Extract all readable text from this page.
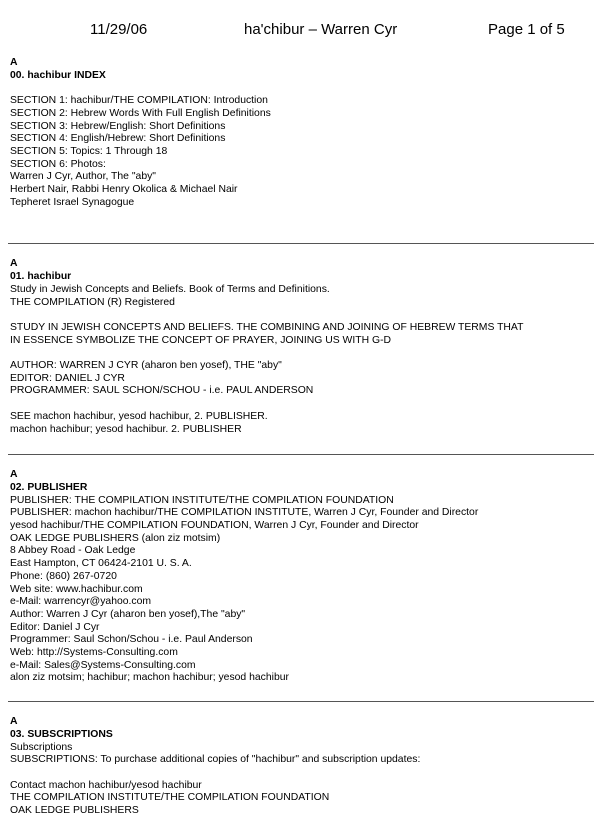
11/29/06	ha'chibur – Warren Cyr	Page 1 of 5
A
00. hachibur INDEX
SECTION 1: hachibur/THE COMPILATION: Introduction
SECTION 2: Hebrew Words With Full English Definitions
SECTION 3: Hebrew/English: Short Definitions
SECTION 4: English/Hebrew: Short Definitions
SECTION 5: Topics: 1 Through 18
SECTION 6: Photos:
Warren J Cyr, Author, The "aby"
Herbert Nair, Rabbi Henry Okolica & Michael Nair
Tepheret Israel Synagogue
A
01. hachibur
Study in Jewish Concepts and Beliefs. Book of Terms and Definitions.
THE COMPILATION (R) Registered
STUDY IN JEWISH CONCEPTS AND BELIEFS. THE COMBINING AND JOINING OF HEBREW TERMS THAT
IN ESSENCE SYMBOLIZE THE CONCEPT OF PRAYER, JOINING US WITH G-D
AUTHOR: WARREN J CYR (aharon ben yosef), THE "aby"
EDITOR: DANIEL J CYR
PROGRAMMER: SAUL SCHON/SCHOU - i.e. PAUL ANDERSON
SEE machon hachibur, yesod hachibur, 2. PUBLISHER.
machon hachibur; yesod hachibur. 2. PUBLISHER
A
02. PUBLISHER
PUBLISHER: THE COMPILATION INSTITUTE/THE COMPILATION FOUNDATION
PUBLISHER: machon hachibur/THE COMPILATION INSTITUTE, Warren J Cyr, Founder and Director
yesod hachibur/THE COMPILATION FOUNDATION, Warren J Cyr, Founder and Director
OAK LEDGE PUBLISHERS (alon ziz motsim)
8 Abbey Road - Oak Ledge
East Hampton, CT 06424-2101 U. S. A.
Phone: (860) 267-0720
Web site: www.hachibur.com
e-Mail: warrencyr@yahoo.com
Author: Warren J Cyr (aharon ben yosef),The "aby"
Editor: Daniel J Cyr
Programmer: Saul Schon/Schou - i.e. Paul Anderson
Web: http://Systems-Consulting.com
e-Mail: Sales@Systems-Consulting.com
alon ziz motsim; hachibur; machon hachibur; yesod hachibur
A
03. SUBSCRIPTIONS
Subscriptions
SUBSCRIPTIONS: To purchase additional copies of "hachibur" and subscription updates:
Contact machon hachibur/yesod hachibur
THE COMPILATION INSTITUTE/THE COMPILATION FOUNDATION
OAK LEDGE PUBLISHERS
